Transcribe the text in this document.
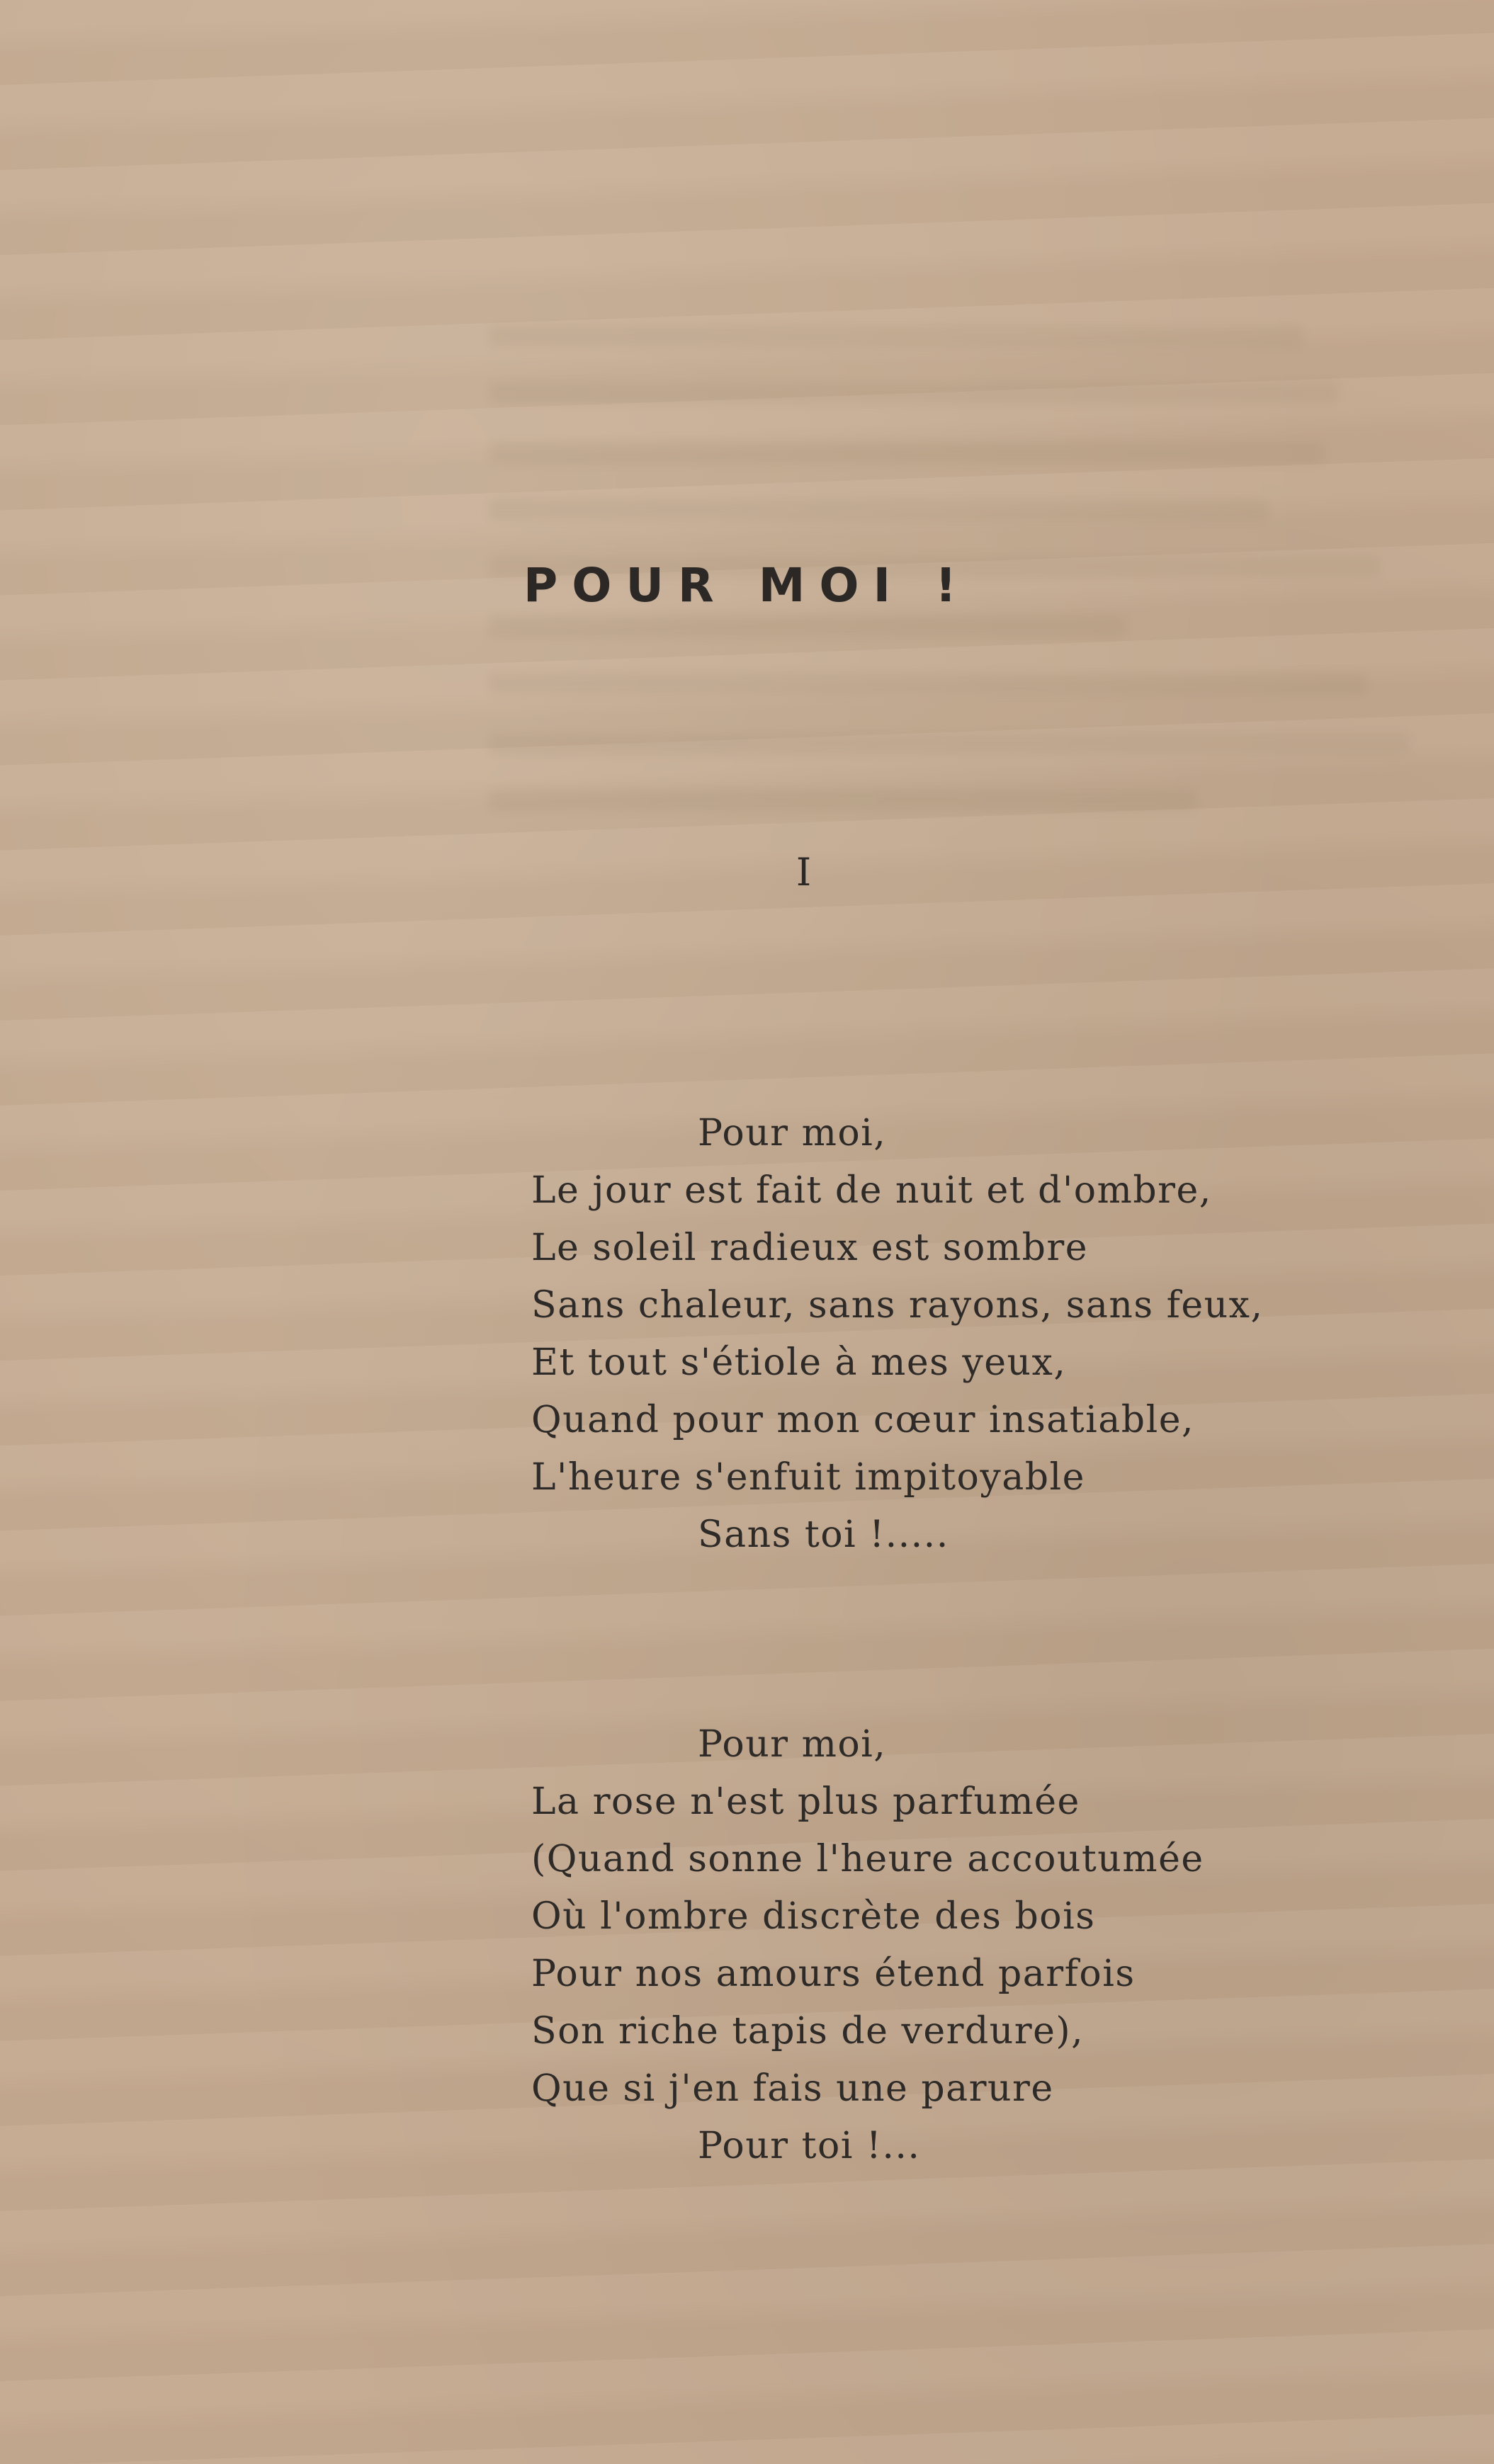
POUR MOI !
I
Pour moi,
Le jour est fait de nuit et d'ombre,
Le soleil radieux est sombre
Sans chaleur, sans rayons, sans feux,
Et tout s'étiole à mes yeux,
Quand pour mon cœur insatiable,
L'heure s'enfuit impitoyable
Sans toi !.....
Pour moi,
La rose n'est plus parfumée
(Quand sonne l'heure accoutumée
Où l'ombre discrète des bois
Pour nos amours étend parfois
Son riche tapis de verdure),
Que si j'en fais une parure
Pour toi !...
